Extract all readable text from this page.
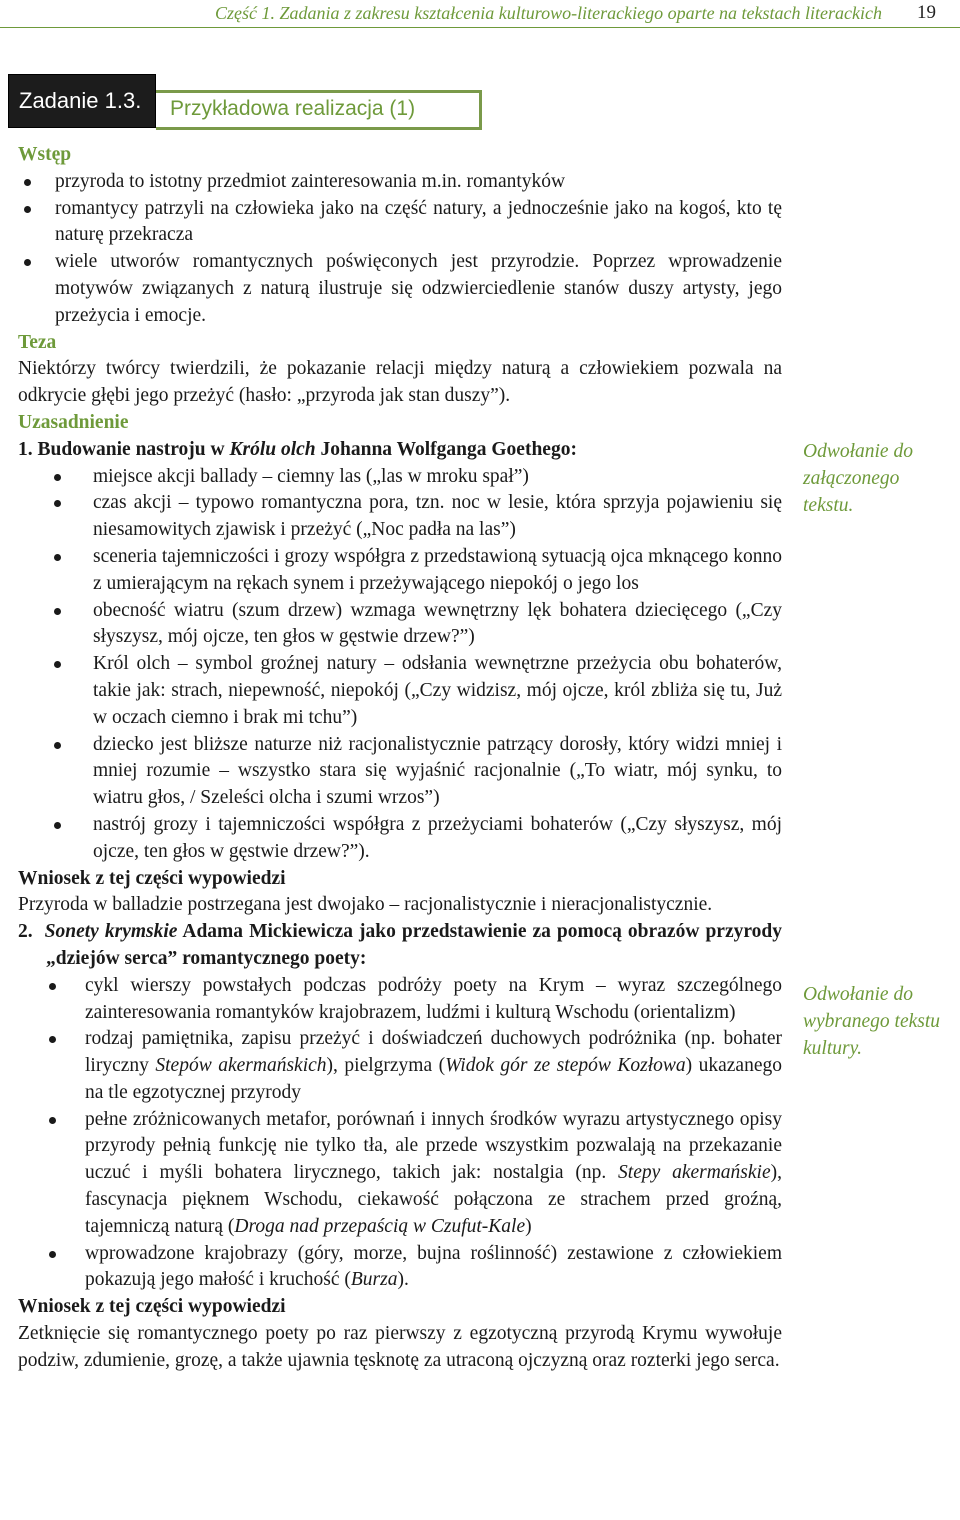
Część 1. Zadania z zakresu kształcenia kulturowo-literackiego oparte na tekstach literackich 19
Zadanie 1.3. Przykładowa realizacja (1)
Wstęp
przyroda to istotny przedmiot zainteresowania m.in. romantyków
romantycy patrzyli na człowieka jako na część natury, a jednocześnie jako na kogoś, kto tę naturę przekracza
wiele utworów romantycznych poświęconych jest przyrodzie. Poprzez wprowadzenie motywów związanych z naturą ilustruje się odzwierciedlenie stanów duszy artysty, jego przeżycia i emocje.
Teza

Niektórzy twórcy twierdzili, że pokazanie relacji między naturą a człowiekiem pozwala na odkrycie głębi jego przeżyć (hasło: „przyroda jak stan duszy”).

Uzasadnienie
1. Budowanie nastroju w Królu olch Johanna Wolfganga Goethego:
miejsce akcji ballady – ciemny las („las w mroku spał”)
czas akcji – typowo romantyczna pora, tzn. noc w lesie, która sprzyja pojawieniu się niesamowitych zjawisk i przeżyć („Noc padła na las”)
sceneria tajemniczości i grozy współgra z przedstawioną sytuacją ojca mknącego konno z umierającym na rękach synem i przeżywającego niepokój o jego los
obecność wiatru (szum drzew) wzmaga wewnętrzny lęk bohatera dziecięcego („Czy słyszysz, mój ojcze, ten głos w gęstwie drzew?”)
Król olch – symbol groźnej natury – odsłania wewnętrzne przeżycia obu bohaterów, takie jak: strach, niepewność, niepokój („Czy widzisz, mój ojcze, król zbliża się tu, Już w oczach ciemno i brak mi tchu”)
dziecko jest bliższe naturze niż racjonalistycznie patrzący dorosły, który widzi mniej i mniej rozumie – wszystko stara się wyjaśnić racjonalnie („To wiatr, mój synku, to wiatru głos, / Szeleści olcha i szumi wrzos”)
nastrój grozy i tajemniczości współgra z przeżyciami bohaterów („Czy słyszysz, mój ojcze, ten głos w gęstwie drzew?”).
Wniosek z tej części wypowiedzi

Przyroda w balladzie postrzegana jest dwojako – racjonalistycznie i nieracjonalistycznie.

2. Sonety krymskie Adama Mickiewicza jako przedstawienie za pomocą obrazów przyrody „dziejów serca” romantycznego poety:
cykl wierszy powstałych podczas podróży poety na Krym – wyraz szczególnego zainteresowania romantyków krajobrazem, ludźmi i kulturą Wschodu (orientalizm)
rodzaj pamiętnika, zapisu przeżyć i doświadczeń duchowych podróżnika (np. bohater liryczny Stepów akermańskich), pielgrzyma (Widok gór ze stepów Kozłowa) ukazanego na tle egzotycznej przyrody
pełne zróżnicowanych metafor, porównań i innych środków wyrazu artystycznego opisy przyrody pełnią funkcję nie tylko tła, ale przede wszystkim pozwalają na przekazanie uczuć i myśli bohatera lirycznego, takich jak: nostalgia (np. Stepy akermańskie), fascynacja pięknem Wschodu, ciekawość połączona ze strachem przed groźną, tajemniczą naturą (Droga nad przepaścią w Czufut-Kale)
wprowadzone krajobrazy (góry, morze, bujna roślinność) zestawione z człowiekiem pokazują jego małość i kruchość (Burza).
Wniosek z tej części wypowiedzi

Zetknięcie się romantycznego poety po raz pierwszy z egzotyczną przyrodą Krymu wywołuje podziw, zdumienie, grozę, a także ujawnia tęsknotę za utraconą ojczyzną oraz rozterki jego serca.

Odwołanie do załączonego tekstu.
Odwołanie do wybranego tekstu kultury.
